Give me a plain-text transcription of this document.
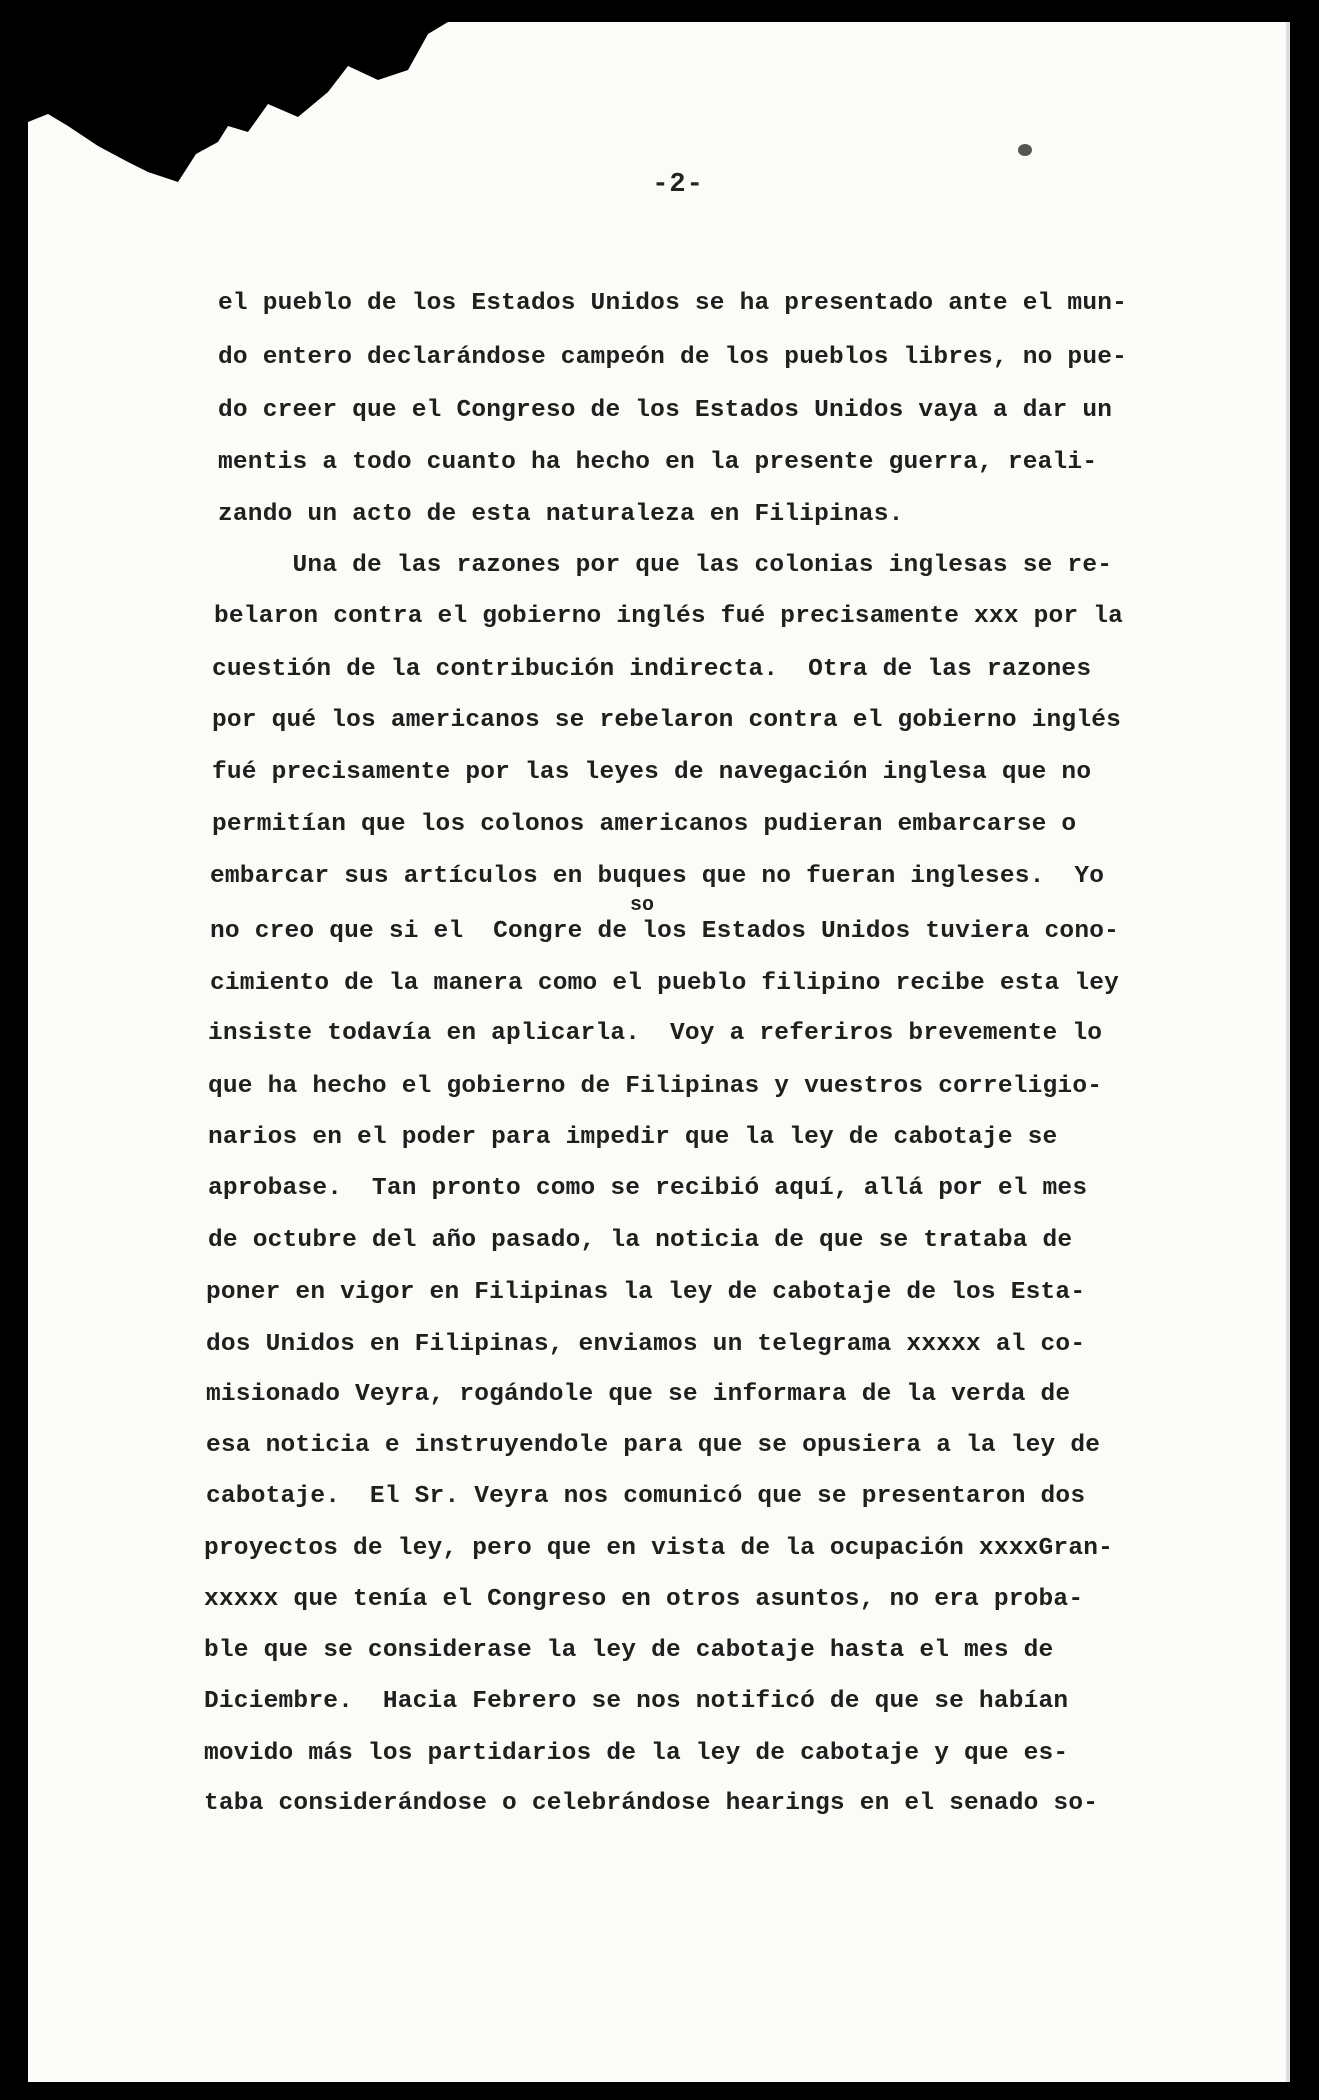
-2-
el pueblo de los Estados Unidos se ha presentado ante el mun-
do entero declarándose campeón de los pueblos libres, no pue-
do creer que el Congreso de los Estados Unidos vaya a dar un
mentis a todo cuanto ha hecho en la presente guerra, reali-
zando un acto de esta naturaleza en Filipinas.
Una de las razones por que las colonias inglesas se re-
belaron contra el gobierno inglés fué precisamente xxx por la
cuestión de la contribución indirecta.  Otra de las razones
por qué los americanos se rebelaron contra el gobierno inglés
fué precisamente por las leyes de navegación inglesa que no
permitían que los colonos americanos pudieran embarcarse o
embarcar sus artículos en buques que no fueran ingleses.  Yo
no creo que si el  Congre de los Estados Unidos tuviera cono-
cimiento de la manera como el pueblo filipino recibe esta ley
insiste todavía en aplicarla.  Voy a referiros brevemente lo
que ha hecho el gobierno de Filipinas y vuestros correligio-
narios en el poder para impedir que la ley de cabotaje se
aprobase.  Tan pronto como se recibió aquí, allá por el mes
de octubre del año pasado, la noticia de que se trataba de
poner en vigor en Filipinas la ley de cabotaje de los Esta-
dos Unidos en Filipinas, enviamos un telegrama xxxxx al co-
misionado Veyra, rogándole que se informara de la verda de
esa noticia e instruyendole para que se opusiera a la ley de
cabotaje.  El Sr. Veyra nos comunicó que se presentaron dos
proyectos de ley, pero que en vista de la ocupación xxxxGran-
xxxxx que tenía el Congreso en otros asuntos, no era proba-
ble que se considerase la ley de cabotaje hasta el mes de
Diciembre.  Hacia Febrero se nos notificó de que se habían
movido más los partidarios de la ley de cabotaje y que es-
taba considerándose o celebrándose hearings en el senado so-
so
